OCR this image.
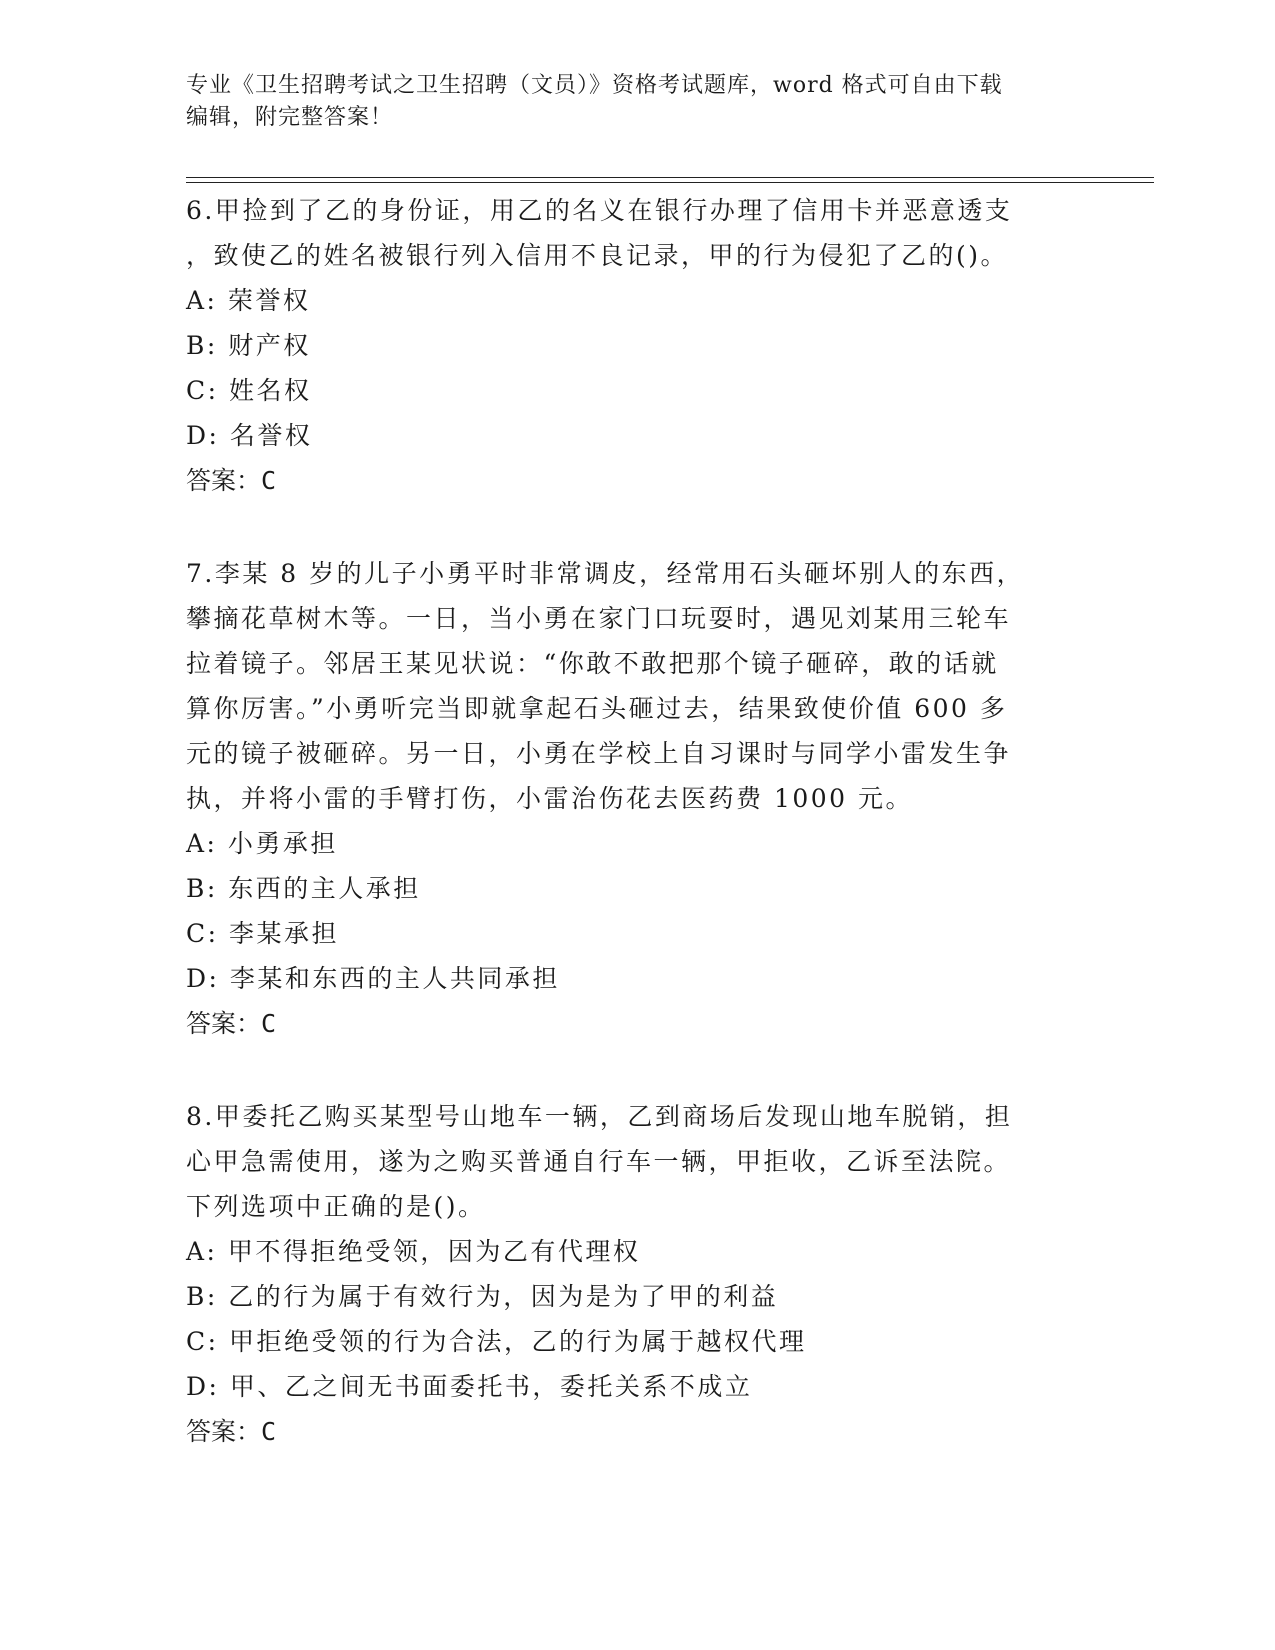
专业《卫生招聘考试之卫生招聘（文员）》资格考试题库，word 格式可自由下载
编辑，附完整答案！

6.甲捡到了乙的身份证，用乙的名义在银行办理了信用卡并恶意透支

，致使乙的姓名被银行列入信用不良记录，甲的行为侵犯了乙的()。

A: 荣誉权

B: 财产权

C: 姓名权

D: 名誉权

答案：C

7.李某 8 岁的儿子小勇平时非常调皮，经常用石头砸坏别人的东西，

攀摘花草树木等。一日，当小勇在家门口玩耍时，遇见刘某用三轮车

拉着镜子。邻居王某见状说：“你敢不敢把那个镜子砸碎，敢的话就

算你厉害。”小勇听完当即就拿起石头砸过去，结果致使价值 600 多

元的镜子被砸碎。另一日，小勇在学校上自习课时与同学小雷发生争

执，并将小雷的手臂打伤，小雷治伤花去医药费 1000 元。

A: 小勇承担

B: 东西的主人承担

C: 李某承担

D: 李某和东西的主人共同承担

答案：C

8.甲委托乙购买某型号山地车一辆，乙到商场后发现山地车脱销，担

心甲急需使用，遂为之购买普通自行车一辆，甲拒收，乙诉至法院。

下列选项中正确的是()。

A: 甲不得拒绝受领，因为乙有代理权

B: 乙的行为属于有效行为，因为是为了甲的利益

C: 甲拒绝受领的行为合法，乙的行为属于越权代理

D: 甲、乙之间无书面委托书，委托关系不成立

答案：C
